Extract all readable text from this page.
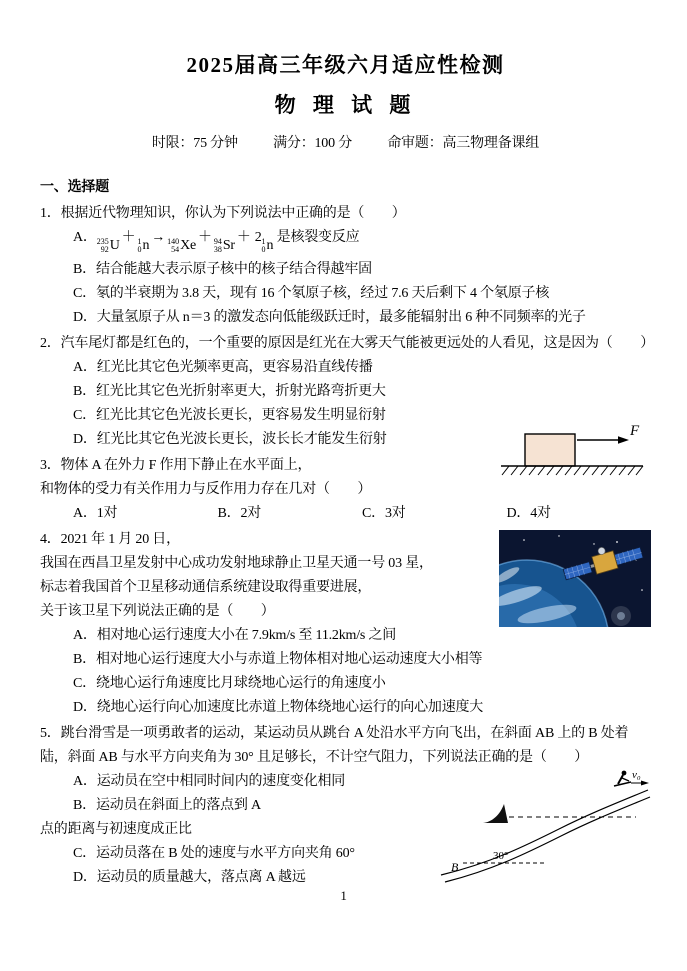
2025届高三年级六月适应性检测
物 理 试 题
时限：75 分钟	满分：100 分	命审题：高三物理备课组
一、选择题
1．根据近代物理知识，你认为下列说法中正确的是（　　）
A． 235
92 U
＋ 1
0 n
→ 140
54 Xe
＋ 94
38 Sr
＋ 2 1
0 n
是核裂变反应
B．结合能越大表示原子核中的核子结合得越牢固
C．氡的半衰期为 3.8 天，现有 16 个氡原子核，经过 7.6 天后剩下 4 个氡原子核
D．大量氢原子从 n＝3 的激发态向低能级跃迁时，最多能辐射出 6 种不同频率的光子
2．汽车尾灯都是红色的，一个重要的原因是红光在大雾天气能被更远处的人看见，这是因为（　　）
A．红光比其它色光频率更高，更容易沿直线传播
B．红光比其它色光折射率更大，折射光路弯折更大
C．红光比其它色光波长更长，更容易发生明显衍射
D．红光比其它色光波长更长，波长长才能发生衍射
F
3．物体 A 在外力 F 作用下静止在水平面上，
和物体的受力有关作用力与反作用力存在几对（　　）
A．1对	B．2对	C．3对	D．4对
4．2021 年 1 月 20 日，
我国在西昌卫星发射中心成功发射地球静止卫星天通一号 03 星，
标志着我国首个卫星移动通信系统建设取得重要进展，
关于该卫星下列说法正确的是（　　）
A．相对地心运行速度大小在 7.9km/s 至 11.2km/s 之间
B．相对地心运行速度大小与赤道上物体相对地心运动速度大小相等
C．绕地心运行角速度比月球绕地心运行的角速度小
D．绕地心运行向心加速度比赤道上物体绕地心运行的向心加速度大
5．跳台滑雪是一项勇敢者的运动，某运动员从跳台 A 处沿水平方向飞出，在斜面 AB 上的 B 处着陆，斜面 AB 与水平方向夹角为 30° 且足够长，不计空气阻力，下列说法正确的是（　　）
v₀
B
30°
A．运动员在空中相同时间内的速度变化相同
B．运动员在斜面上的落点到 A
点的距离与初速度成正比
C．运动员落在 B 处的速度与水平方向夹角 60°
D．运动员的质量越大，落点离 A 越远
1
